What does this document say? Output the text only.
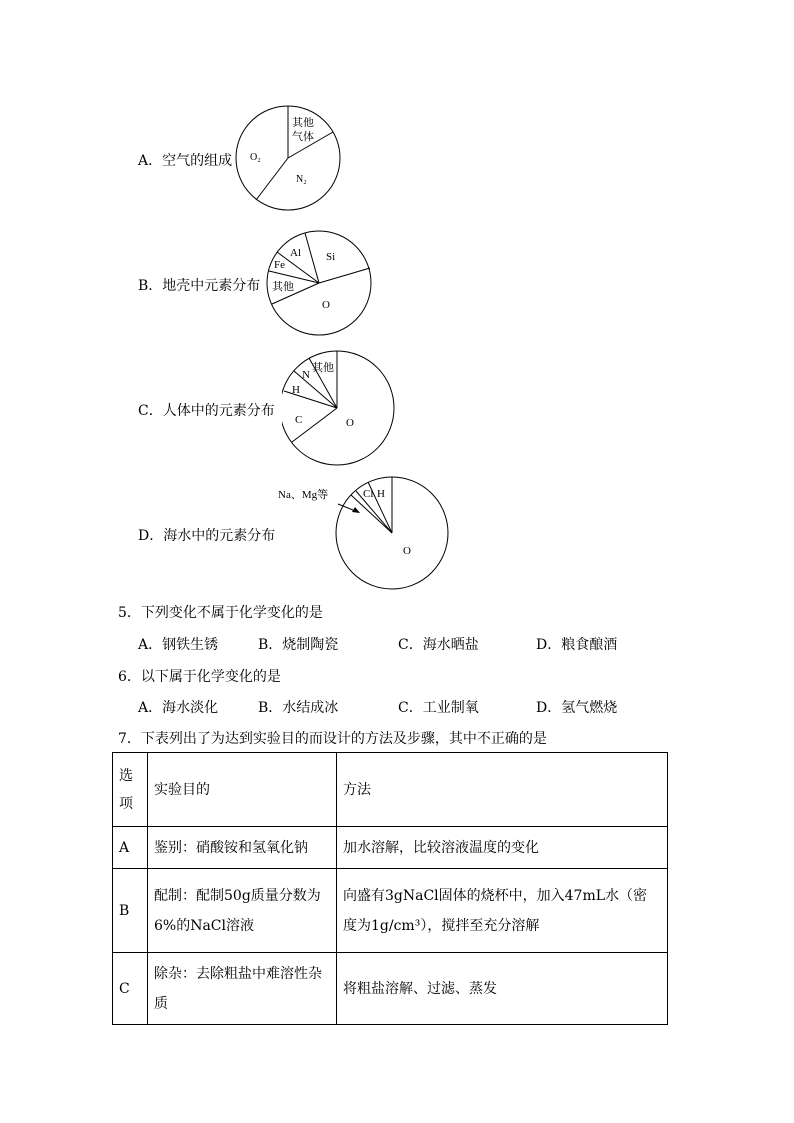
A．空气的组成 O₂
N₂
其他
气体
B．地壳中元素分布
Al
Fe
Si
其他
O
C．人体中的元素分布
其他
N
H
C	O
D．海水中的元素分布
Na、Mg等	Cl H
O
5．下列变化不属于化学变化的是
A．钢铁生锈	B．烧制陶瓷	C．海水晒盐	D．粮食酿酒
6．以下属于化学变化的是
A．海水淡化	B．水结成冰	C．工业制氧	D．氢气燃烧
7．下表列出了为达到实验目的而设计的方法及步骤，其中不正确的是
选项	实验目的	方法
A	鉴别：硝酸铵和氢氧化钠	加水溶解，比较溶液温度的变化
B	配制：配制50g质量分数为6%的NaCl溶液	向盛有3gNaCl固体的烧杯中，加入47mL水（密度为1g/cm³），搅拌至充分溶解
C	除杂：去除粗盐中难溶性杂质	将粗盐溶解、过滤、蒸发
